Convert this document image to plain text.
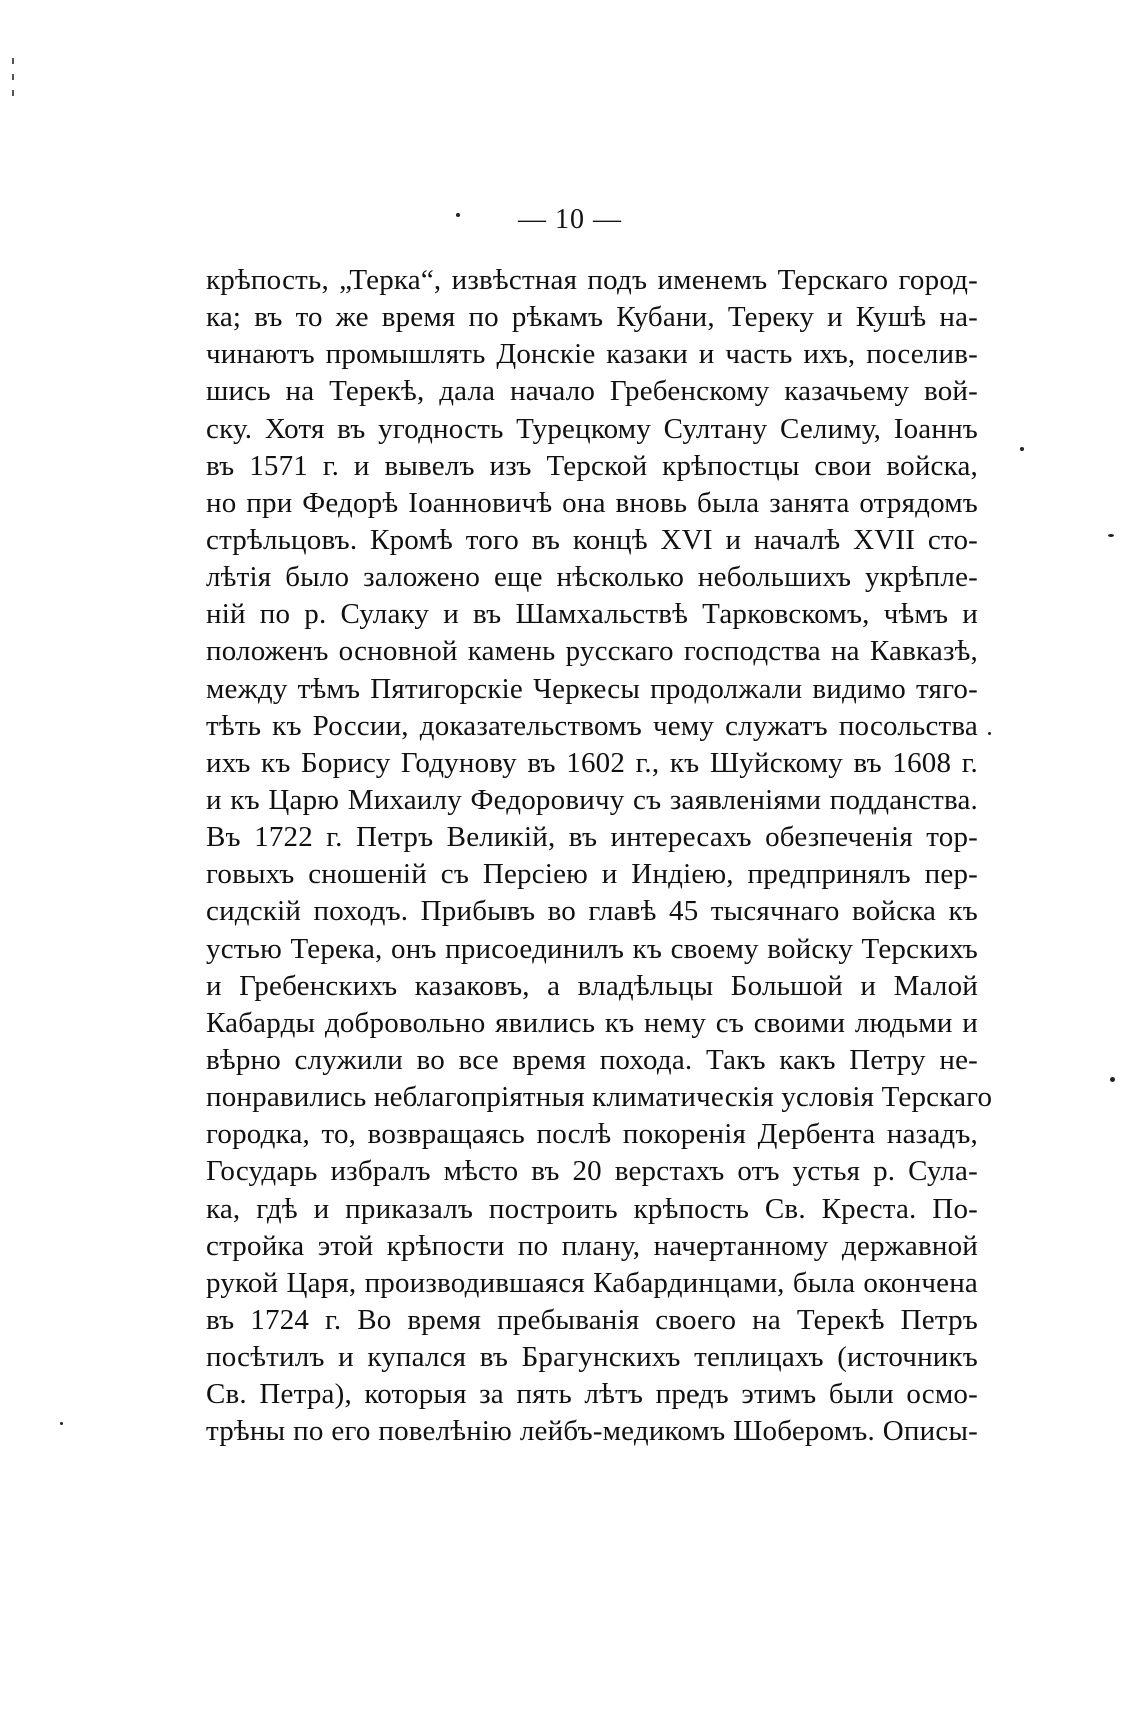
— 10 —
крѣпость, „Терка“, извѣстная подъ именемъ Терскаго город-
ка; въ то же время по рѣкамъ Кубани, Тереку и Кушѣ на-
чинаютъ промышлять Донскіе казаки и часть ихъ, поселив-
шись на Терекѣ, дала начало Гребенскому казачьему вой-
ску. Хотя въ угодность Турецкому Султану Селиму, Іоаннъ
въ 1571 г. и вывелъ изъ Терской крѣпостцы свои войска,
но при Федорѣ Іоанновичѣ она вновь была занята отрядомъ
стрѣльцовъ. Кромѣ того въ концѣ XVI и началѣ XVII сто-
лѣтія было заложено еще нѣсколько небольшихъ укрѣпле-
ній по р. Сулаку и въ Шамхальствѣ Тарковскомъ, чѣмъ и
положенъ основной камень русскаго господства на Кавказѣ,
между тѣмъ Пятигорскіе Черкесы продолжали видимо тяго-
тѣть къ России, доказательствомъ чему служатъ посольства
ихъ къ Борису Годунову въ 1602 г., къ Шуйскому въ 1608 г.
и къ Царю Михаилу Федоровичу съ заявленіями подданства.
Въ 1722 г. Петръ Великій, въ интересахъ обезпеченія тор-
говыхъ сношеній съ Персіею и Индіею, предпринялъ пер-
сидскій походъ. Прибывъ во главѣ 45 тысячнаго войска къ
устью Терека, онъ присоединилъ къ своему войску Терскихъ
и Гребенскихъ казаковъ, а владѣльцы Большой и Малой
Кабарды добровольно явились къ нему съ своими людьми и
вѣрно служили во все время похода. Такъ какъ Петру не-
понравились неблагопріятныя климатическія условія Терскаго
городка, то, возвращаясь послѣ покоренія Дербента назадъ,
Государь избралъ мѣсто въ 20 верстахъ отъ устья р. Сула-
ка, гдѣ и приказалъ построить крѣпость Св. Креста. По-
стройка этой крѣпости по плану, начертанному державной
рукой Царя, производившаяся Кабардинцами, была окончена
въ 1724 г. Во время пребыванія своего на Терекѣ Петръ
посѣтилъ и купался въ Брагунскихъ теплицахъ (источникъ
Св. Петра), которыя за пять лѣтъ предъ этимъ были осмо-
трѣны по его повелѣнію лейбъ-медикомъ Шоберомъ. Описы-
